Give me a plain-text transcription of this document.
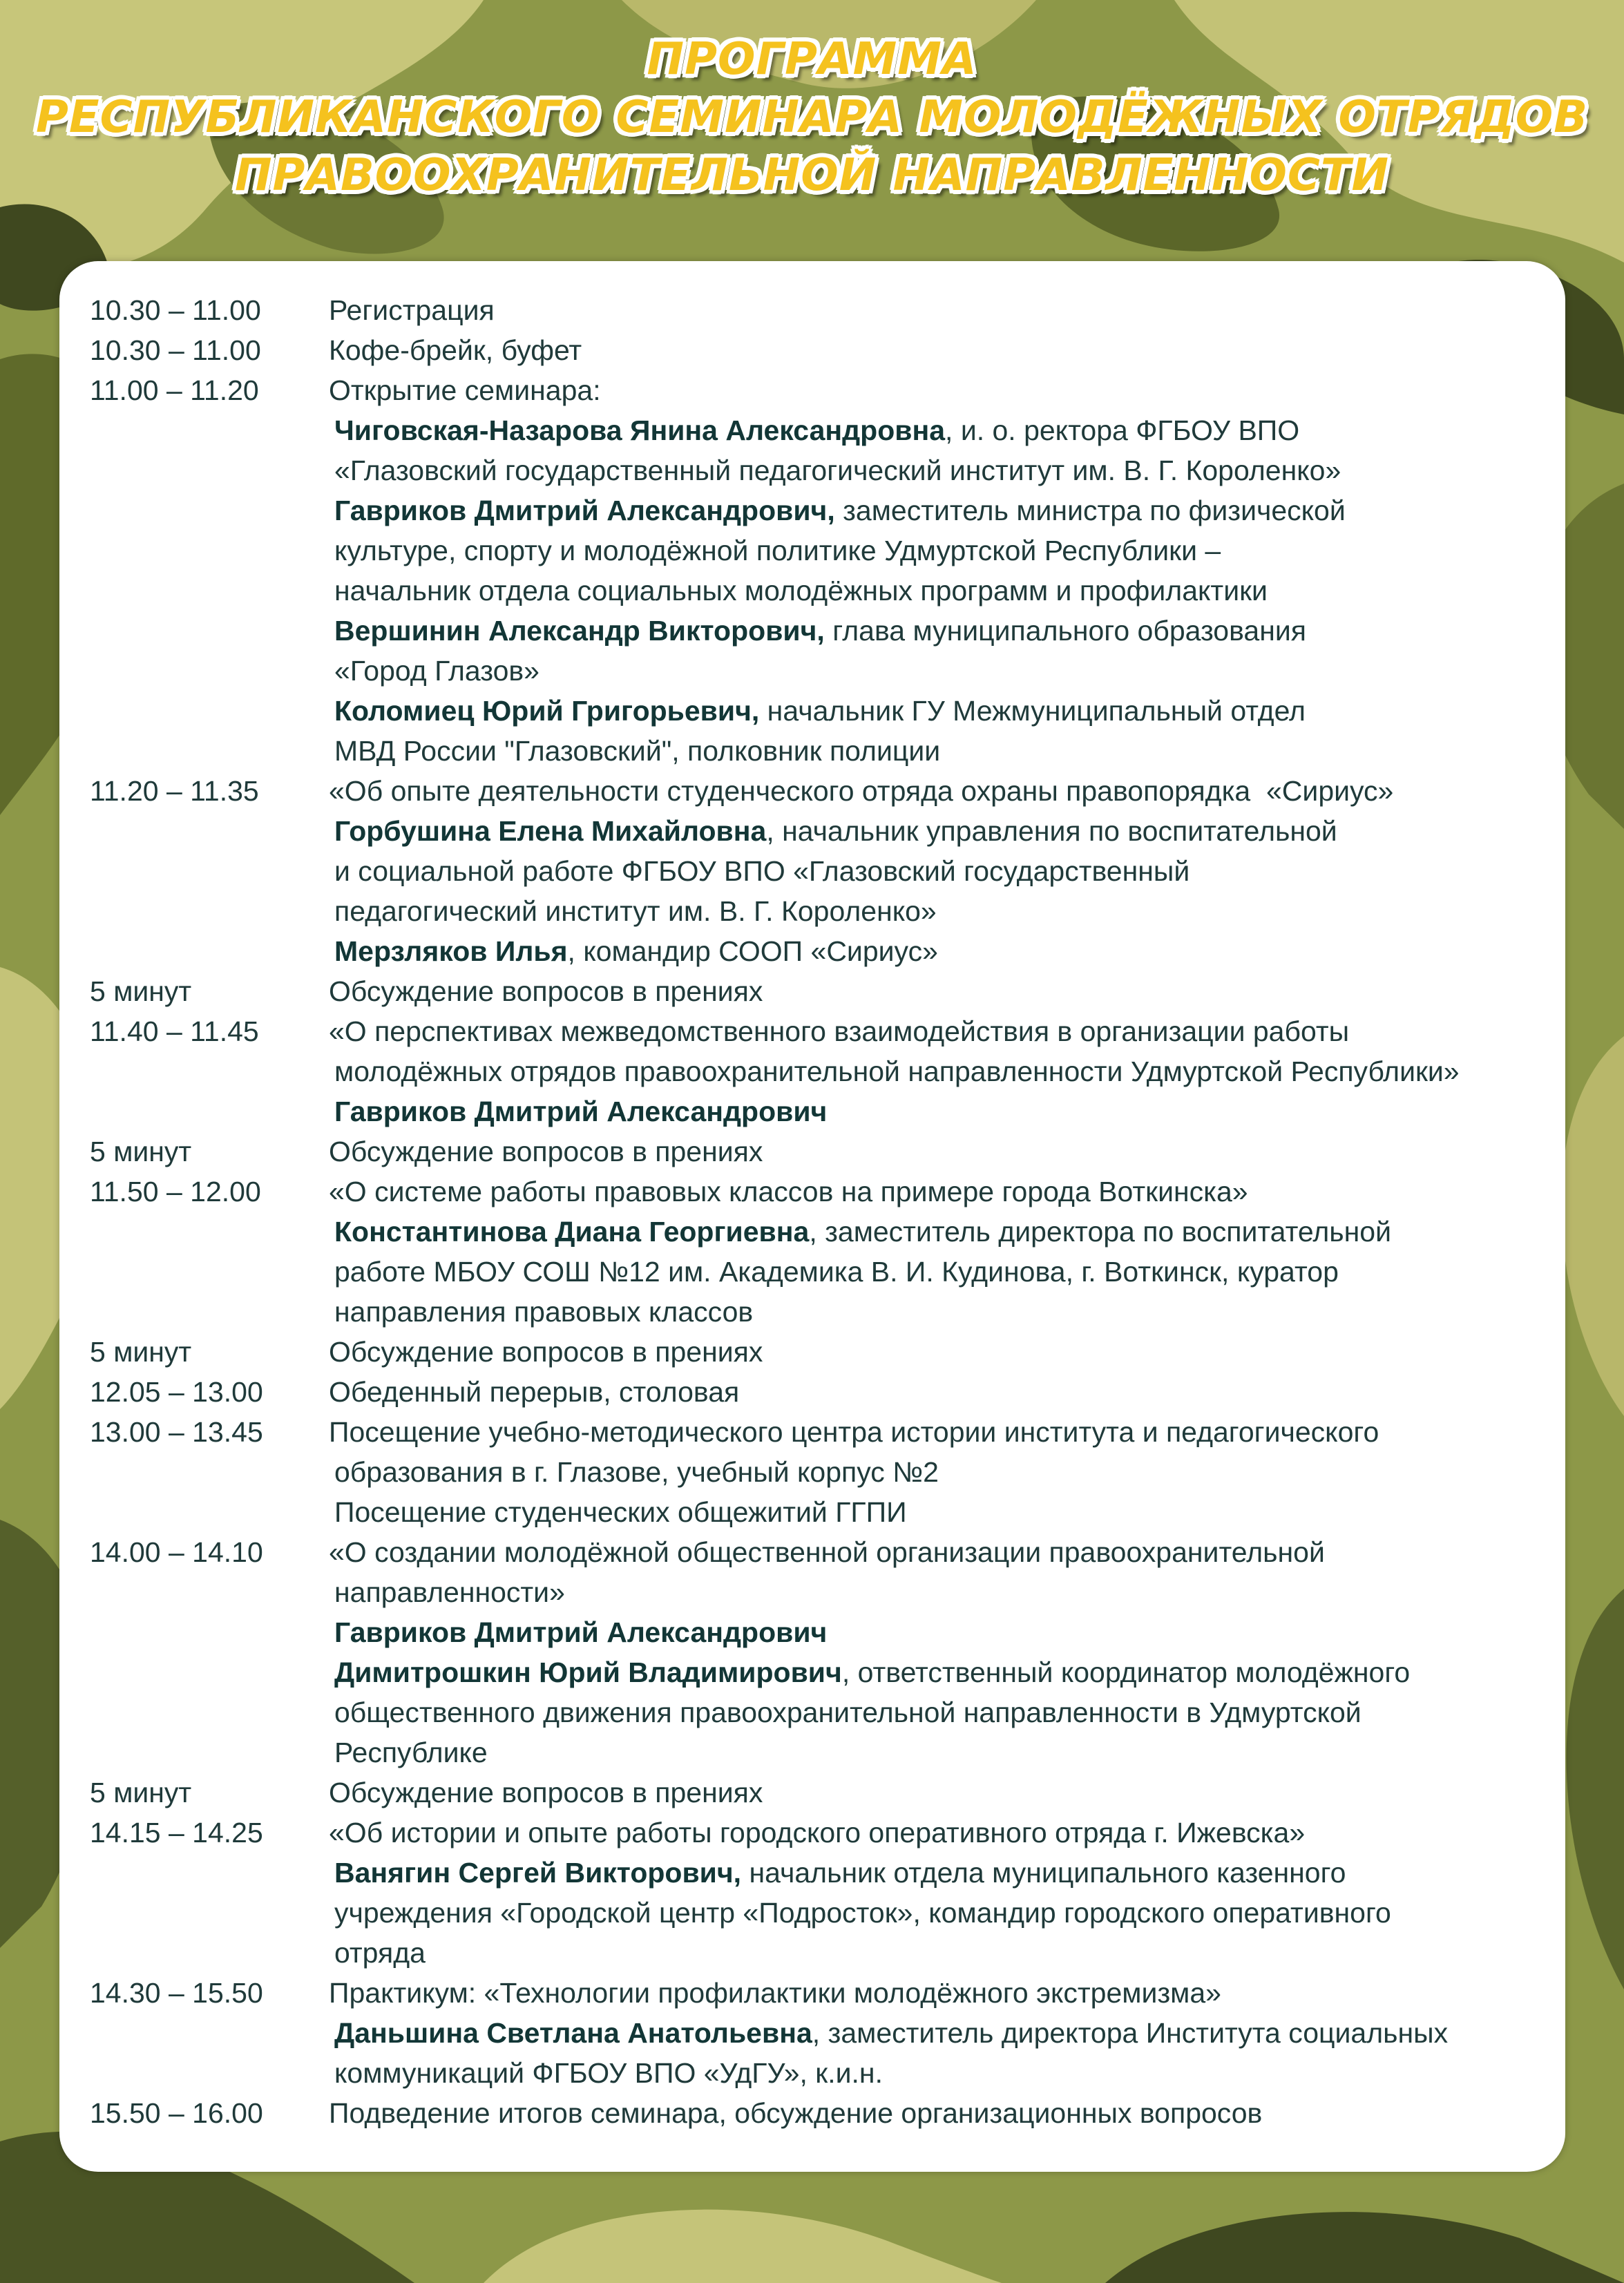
ПРОГРАММА
РЕСПУБЛИКАНСКОГО СЕМИНАРА МОЛОДЁЖНЫХ ОТРЯДОВ
ПРАВООХРАНИТЕЛЬНОЙ НАПРАВЛЕННОСТИ
10.30 – 11.00	Регистрация
10.30 – 11.00	Кофе-брейк, буфет
11.00 – 11.20	Открытие семинара:
Чиговская-Назарова Янина Александровна, и. о. ректора ФГБОУ ВПО
«Глазовский государственный педагогический институт им. В. Г. Короленко»
Гавриков Дмитрий Александрович, заместитель министра по физической
культуре, спорту и молодёжной политике Удмуртской Республики –
начальник отдела социальных молодёжных программ и профилактики
Вершинин Александр Викторович, глава муниципального образования
«Город Глазов»
Коломиец Юрий Григорьевич, начальник ГУ Межмуниципальный отдел
МВД России "Глазовский", полковник полиции
11.20 – 11.35	«Об опыте деятельности студенческого отряда охраны правопорядка  «Сириус»
Горбушина Елена Михайловна, начальник управления по воспитательной
и социальной работе ФГБОУ ВПО «Глазовский государственный
педагогический институт им. В. Г. Короленко»
Мерзляков Илья, командир СООП «Сириус»
5 минут	Обсуждение вопросов в прениях
11.40 – 11.45	«О перспективах межведомственного взаимодействия в организации работы
молодёжных отрядов правоохранительной направленности Удмуртской Республики»
Гавриков Дмитрий Александрович
5 минут	Обсуждение вопросов в прениях
11.50 – 12.00	«О системе работы правовых классов на примере города Воткинска»
Константинова Диана Георгиевна, заместитель директора по воспитательной
работе МБОУ СОШ №12 им. Академика В. И. Кудинова, г. Воткинск, куратор
направления правовых классов
5 минут	Обсуждение вопросов в прениях
12.05 – 13.00	Обеденный перерыв, столовая
13.00 – 13.45	Посещение учебно-методического центра истории института и педагогического
образования в г. Глазове, учебный корпус №2
Посещение студенческих общежитий ГГПИ
14.00 – 14.10	«О создании молодёжной общественной организации правоохранительной
направленности»
Гавриков Дмитрий Александрович
Димитрошкин Юрий Владимирович, ответственный координатор молодёжного
общественного движения правоохранительной направленности в Удмуртской
Республике
5 минут	Обсуждение вопросов в прениях
14.15 – 14.25	«Об истории и опыте работы городского оперативного отряда г. Ижевска»
Ванягин Сергей Викторович, начальник отдела муниципального казенного
учреждения «Городской центр «Подросток», командир городского оперативного
отряда
14.30 – 15.50	Практикум: «Технологии профилактики молодёжного экстремизма»
Даньшина Светлана Анатольевна, заместитель директора Института социальных
коммуникаций ФГБОУ ВПО «УдГУ», к.и.н.
15.50 – 16.00	Подведение итогов семинара, обсуждение организационных вопросов
